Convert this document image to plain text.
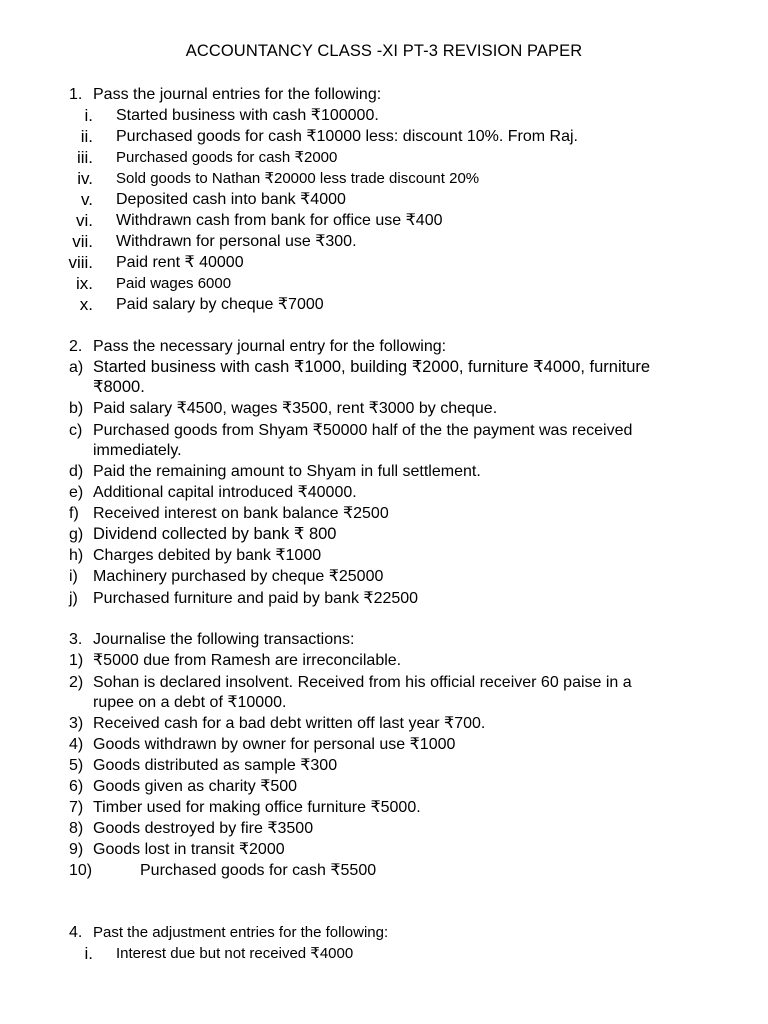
ACCOUNTANCY CLASS -XI PT-3 REVISION PAPER
1. Pass the journal entries for the following:
i. Started business with cash ₹100000.
ii. Purchased goods for cash ₹10000 less: discount 10%. From Raj.
iii. Purchased goods for cash ₹2000
iv. Sold goods to Nathan ₹20000 less trade discount 20%
v. Deposited cash into bank ₹4000
vi. Withdrawn cash from bank for office use ₹400
vii. Withdrawn for personal use ₹300.
viii. Paid rent ₹ 40000
ix. Paid wages 6000
x. Paid salary by cheque ₹7000
2. Pass the necessary journal entry for the following:
a) Started business with cash ₹1000, building ₹2000, furniture ₹4000, furniture
₹8000.
b) Paid salary ₹4500, wages ₹3500, rent ₹3000 by cheque.
c) Purchased goods from Shyam ₹50000 half of the the payment was received
immediately.
d) Paid the remaining amount to Shyam in full settlement.
e) Additional capital introduced ₹40000.
f) Received interest on bank balance ₹2500
g) Dividend collected by bank ₹ 800
h) Charges debited by bank ₹1000
i) Machinery purchased by cheque ₹25000
j) Purchased furniture and paid by bank ₹22500
3. Journalise the following transactions:
1) ₹5000 due from Ramesh are irreconcilable.
2) Sohan is declared insolvent. Received from his official receiver 60 paise in a
rupee on a debt of ₹10000.
3) Received cash for a bad debt written off last year ₹700.
4) Goods withdrawn by owner for personal use ₹1000
5) Goods distributed as sample ₹300
6) Goods given as charity ₹500
7) Timber used for making office furniture ₹5000.
8) Goods destroyed by fire ₹3500
9) Goods lost in transit ₹2000
10)	Purchased goods for cash ₹5500
4. Past the adjustment entries for the following:
i. Interest due but not received ₹4000
